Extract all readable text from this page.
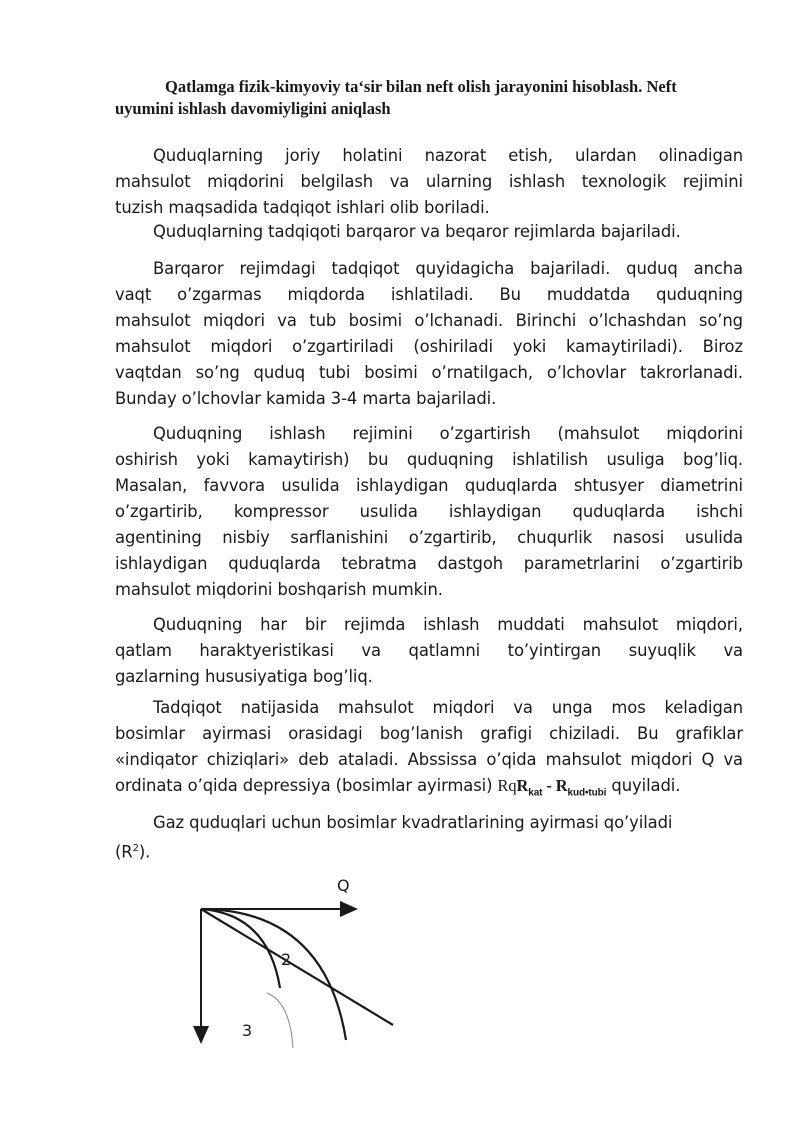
Qatlamga fizik-kimyoviy ta‘sir bilan neft olish jarayonini hisoblash. Neft
uyumini ishlash davomiyligini aniqlash
Quduqlarning joriy holatini nazorat etish, ulardan olinadigan
mahsulot miqdorini belgilash va ularning ishlash texnologik rejimini
tuzish maqsadida tadqiqot ishlari olib boriladi.
Quduqlarning tadqiqoti barqaror va beqaror rejimlarda bajariladi.
Barqaror rejimdagi tadqiqot quyidagicha bajariladi. quduq ancha
vaqt o’zgarmas miqdorda ishlatiladi. Bu muddatda quduqning
mahsulot miqdori va tub bosimi o’lchanadi. Birinchi o’lchashdan so’ng
mahsulot miqdori o’zgartiriladi (oshiriladi yoki kamaytiriladi). Biroz
vaqtdan so’ng quduq tubi bosimi o’rnatilgach, o’lchovlar takrorlanadi.
Bunday o’lchovlar kamida 3-4 marta bajariladi.
Quduqning ishlash rejimini o’zgartirish (mahsulot miqdorini
oshirish yoki kamaytirish) bu quduqning ishlatilish usuliga bog’liq.
Masalan, favvora usulida ishlaydigan quduqlarda shtusyer diametrini
o’zgartirib, kompressor usulida ishlaydigan quduqlarda ishchi
agentining nisbiy sarflanishini o’zgartirib, chuqurlik nasosi usulida
ishlaydigan quduqlarda tebratma dastgoh parametrlarini o’zgartirib
mahsulot miqdorini boshqarish mumkin.
Quduqning har bir rejimda ishlash muddati mahsulot miqdori,
qatlam haraktyeristikasi va qatlamni to’yintirgan suyuqlik va
gazlarning hususiyatiga bog’liq.
Tadqiqot natijasida mahsulot miqdori va unga mos keladigan
bosimlar ayirmasi orasidagi bog’lanish grafigi chiziladi. Bu grafiklar
«indiqator chiziqlari» deb ataladi. Abssissa o’qida mahsulot miqdori Q va
ordinata o’qida depressiya (bosimlar ayirmasi) $RqR_{kat} - R_{kud•tubi}$ quyiladi.
Gaz quduqlari uchun bosimlar kvadratlarining ayirmasi qo’yiladi
$(R^2)$.
Q
2
3
